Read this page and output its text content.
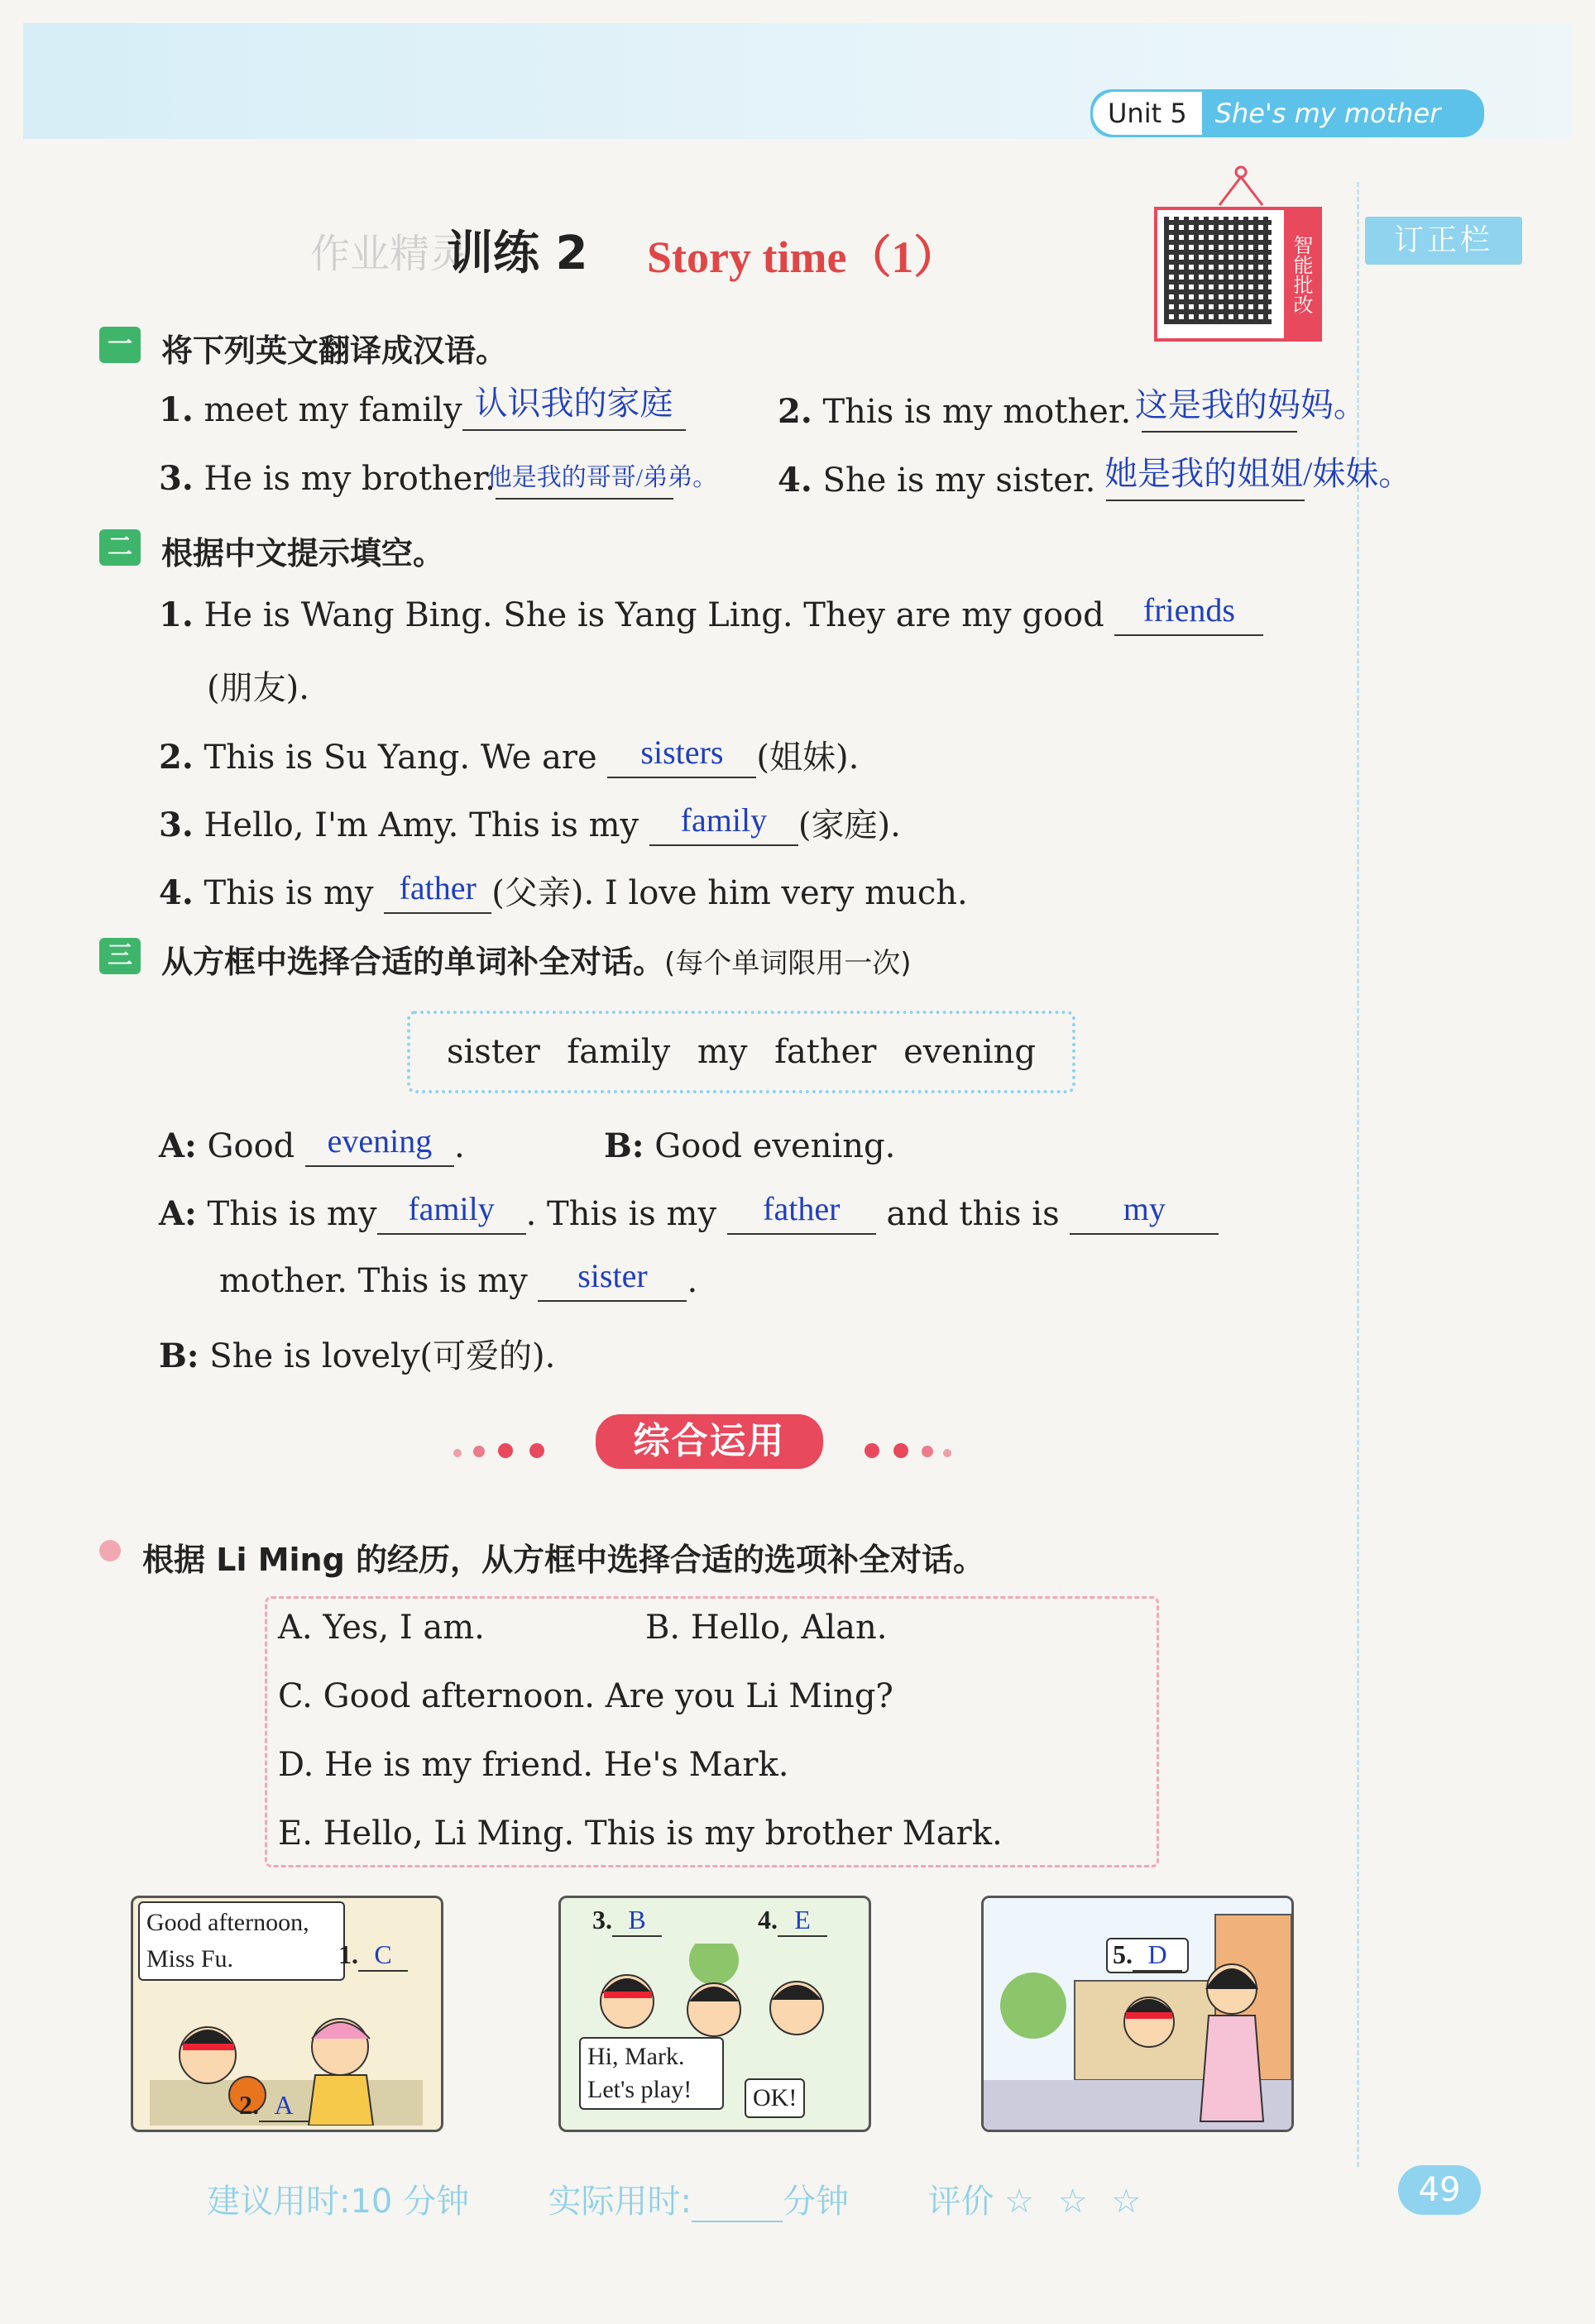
Unit 5	She's my mother
订正栏
作业精灵
训练 2 Story time（1）	智能批改
一 将下列英文翻译成汉语。
1. meet my family 认识我的家庭
	2. This is my mother. 这是我的妈妈。

3. He is my brother.
他是我的哥哥/弟弟。
4. She is my sister. 她是我的姐姐/妹妹。

二 根据中文提示填空。
1. He is Wang Bing. She is Yang Ling. They are my good	friends

(朋友).
2. This is Su Yang. We are	sisters	(姐妹).
3. Hello, I'm Amy. This is my	family (家庭).
4. This is my father (父亲). I love him very much.
三 从方框中选择合适的单词补全对话。(每个单词限用一次)
sister family my father evening
A: Good evening .	B: Good evening.
A: This is my family . This is my	father	and this is	my

mother. This is my	sister	.
B: She is lovely(可爱的).
综合运用
根据 Li Ming 的经历，从方框中选择合适的选项补全对话。
A. Yes, I am.	B. Hello, Alan.
C. Good afternoon. Are you Li Ming?
D. He is my friend. He's Mark.
E. Hello, Li Ming. This is my brother Mark.
Good afternoon, Miss Fu.	1. C
2. A
3. B	4. E
Hi, Mark.
Let's play!	OK!
5. D
建议用时:10 分钟 实际用时:	分钟 评价 ☆ ☆ ☆	49
